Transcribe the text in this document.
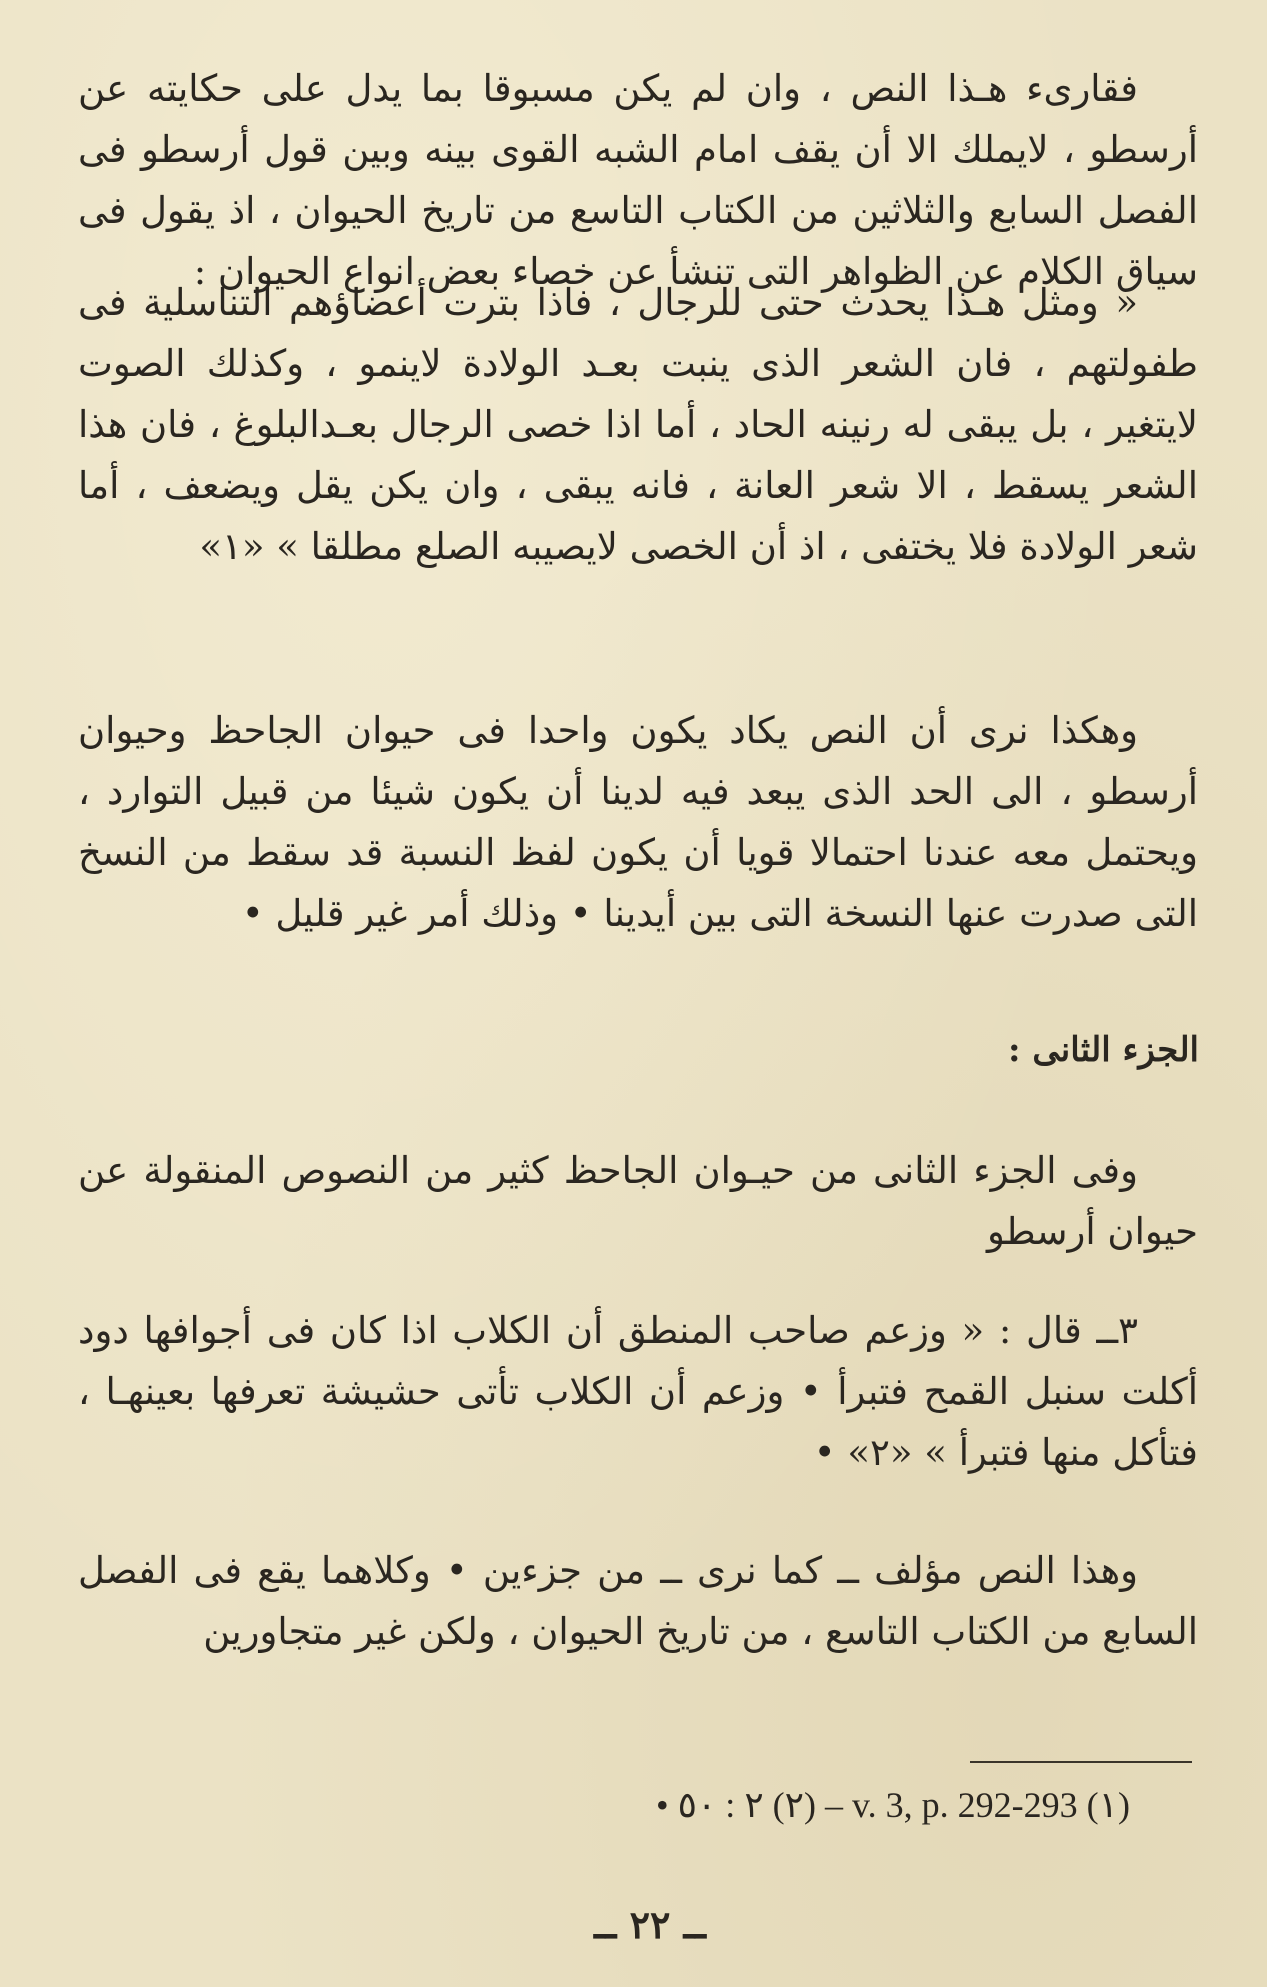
فقارىء هـذا النص ، وان لم يكن مسبوقا بما يدل على حكايته عن أرسطو ، لايملك الا أن يقف امام الشبه القوى بينه وبين قول أرسطو فى الفصل السابع والثلاثين من الكتاب التاسع من تاريخ الحيوان ، اذ يقول فى سياق الكلام عن الظواهر التى تنشأ عن خصاء بعض انواع الحيوان :

« ومثل هـذا يحدث حتى للرجال ، فاذا بترت أعضاؤهم التناسلية فى طفولتهم ، فان الشعر الذى ينبت بعـد الولادة لاينمو ، وكذلك الصوت لايتغير ، بل يبقى له رنينه الحاد ، أما اذا خصى الرجال بعـدالبلوغ ، فان هذا الشعر يسقط ، الا شعر العانة ، فانه يبقى ، وان يكن يقل ويضعف ، أما شعر الولادة فلا يختفى ، اذ أن الخصى لايصيبه الصلع مطلقا » «١»

وهكذا نرى أن النص يكاد يكون واحدا فى حيوان الجاحظ وحيوان أرسطو ، الى الحد الذى يبعد فيه لدينا أن يكون شيئا من قبيل التوارد ، ويحتمل معه عندنا احتمالا قويا أن يكون لفظ النسبة قد سقط من النسخ التى صدرت عنها النسخة التى بين أيدينا • وذلك أمر غير قليل •

الجزء الثانى :

وفى الجزء الثانى من حيـوان الجاحظ كثير من النصوص المنقولة عن حيوان أرسطو

٣ــ قال : « وزعم صاحب المنطق أن الكلاب اذا كان فى أجوافها دود أكلت سنبل القمح فتبرأ • وزعم أن الكلاب تأتى حشيشة تعرفها بعينهـا ، فتأكل منها فتبرأ » «٢» •

وهذا النص مؤلف ــ كما نرى ــ من جزءين • وكلاهما يقع فى الفصل السابع من الكتاب التاسع ، من تاريخ الحيوان ، ولكن غير متجاورين

(١) v. 3, p. 292-293 – (٢) ٢ : ٥٠ •

ــ ٢٢ ــ
